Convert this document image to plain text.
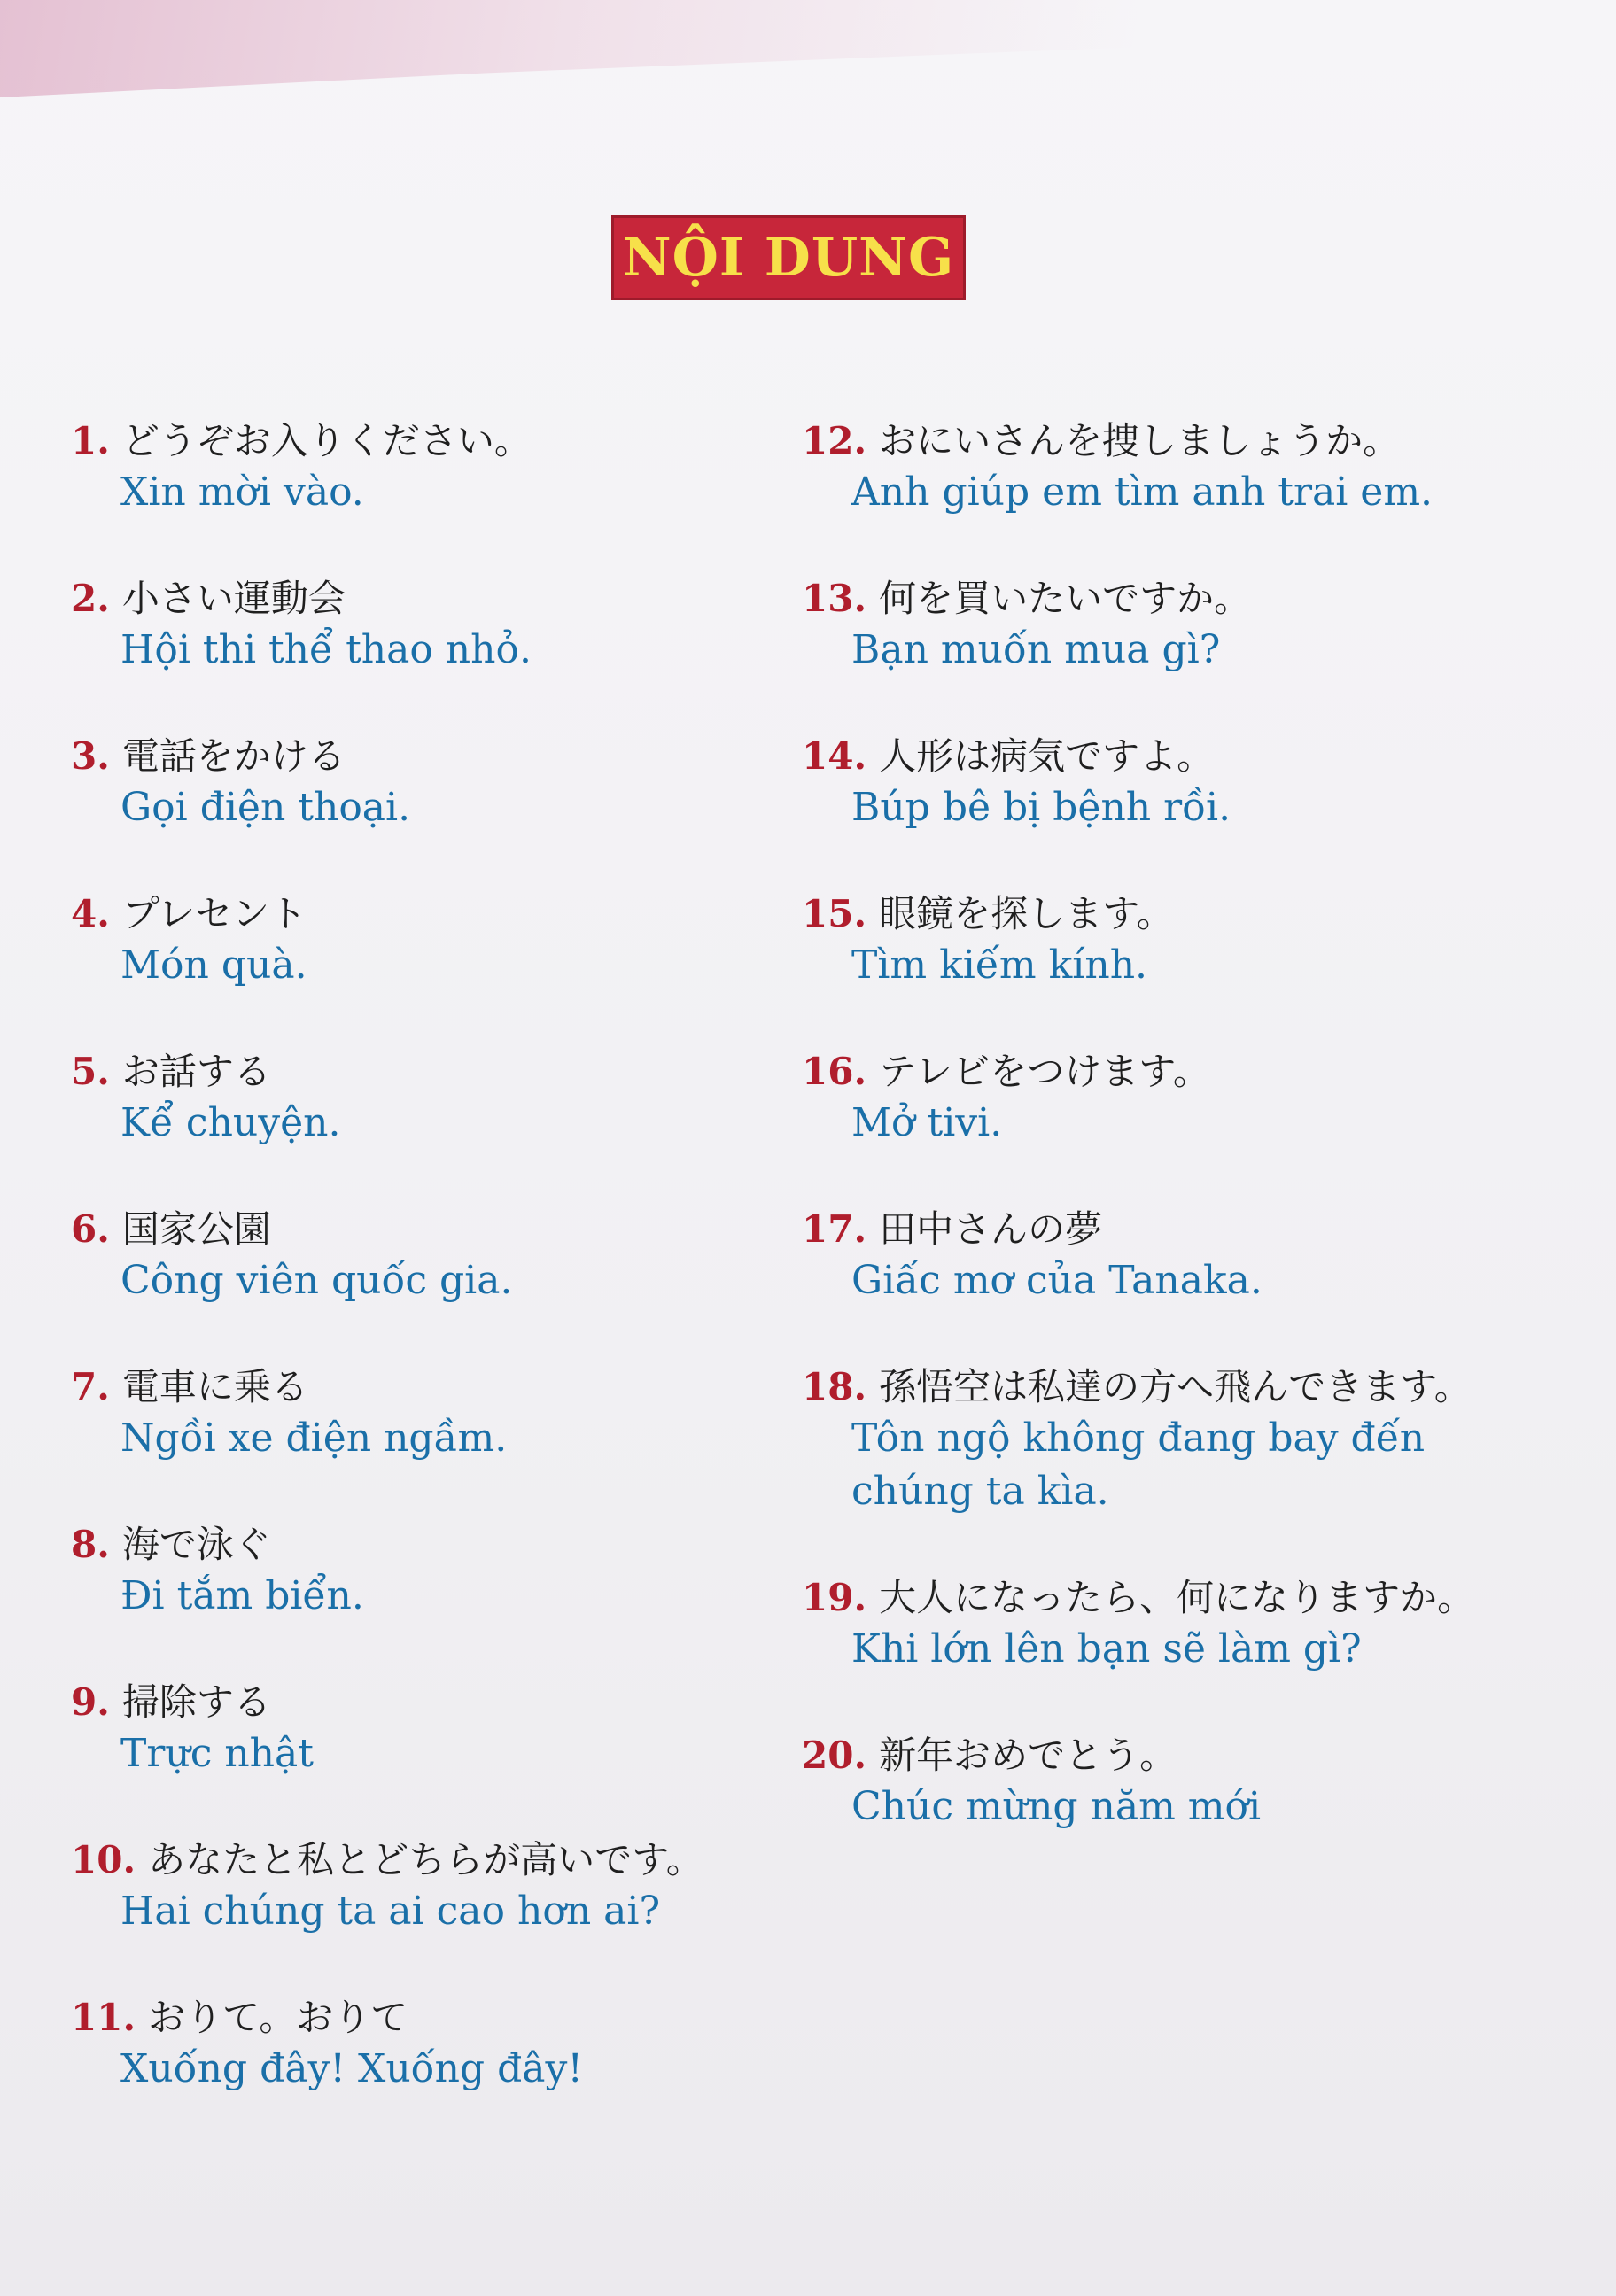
NỘI DUNG
1. どうぞお入りください。
Xin mời vào.
2. 小さい運動会
Hội thi thể thao nhỏ.
3. 電話をかける
Gọi điện thoại.
4. プレセント
Món quà.
5. お話する
Kể chuyện.
6. 国家公園
Công viên quốc gia.
7. 電車に乗る
Ngồi xe điện ngầm.
8. 海で泳ぐ
Đi tắm biển.
9. 掃除する
Trực nhật
10. あなたと私とどちらが高いです。
Hai chúng ta ai cao hơn ai?
11. おりて。おりて
Xuống đây! Xuống đây!
12. おにいさんを捜しましょうか。
Anh giúp em tìm anh trai em.
13. 何を買いたいですか。
Bạn muốn mua gì?
14. 人形は病気ですよ。
Búp bê bị bệnh rồi.
15. 眼鏡を探します。
Tìm kiếm kính.
16. テレビをつけます。
Mở tivi.
17. 田中さんの夢
Giấc mơ của Tanaka.
18. 孫悟空は私達の方へ飛んできます。
Tôn ngộ không đang bay đến chúng ta kìa.
19. 大人になったら、何になりますか。
Khi lớn lên bạn sẽ làm gì?
20. 新年おめでとう。
Chúc mừng năm mới
